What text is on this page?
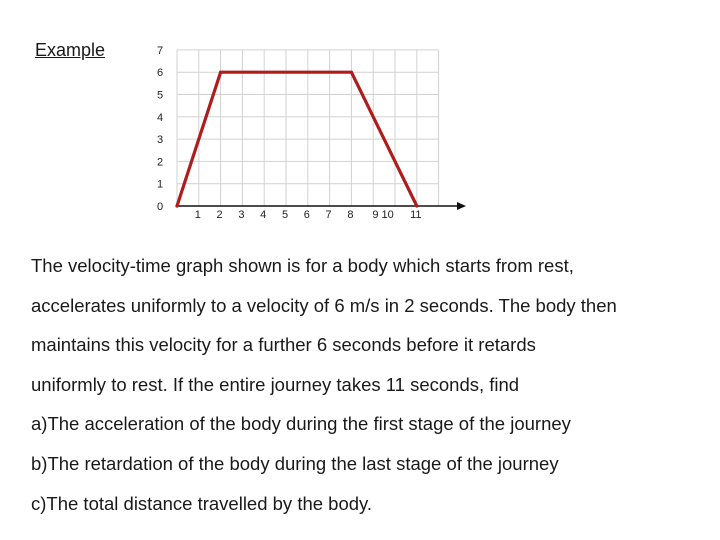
Example
0
1
2
3
4
5
6
7
1 2 3 4 5 6 7 8 9 10 11

The velocity-time graph shown is for a body which starts from rest,

accelerates uniformly to a velocity of 6 m/s in 2 seconds. The body then

maintains this velocity for a further 6 seconds before it retards

uniformly to rest. If the entire journey takes 11 seconds, find

a)The acceleration of the body during the first stage of the journey

b)The retardation of the body during the last stage of the journey

c)The total distance travelled by the body.
